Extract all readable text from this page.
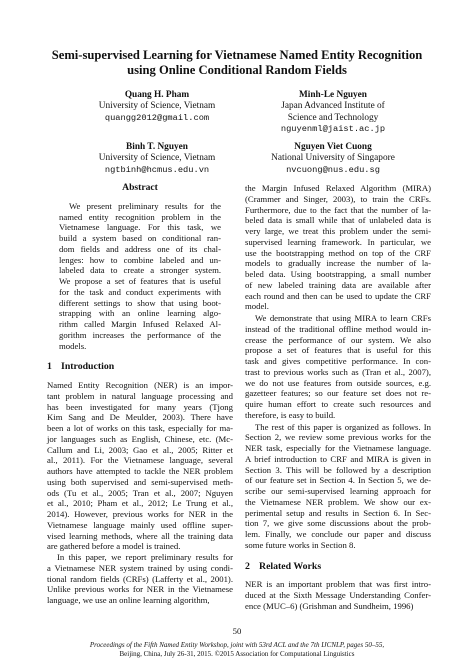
Semi-supervised Learning for Vietnamese Named Entity Recognition
using Online Conditional Random Fields
Quang H. Pham
University of Science, Vietnam
quangg2012@gmail.com
Minh-Le Nguyen
Japan Advanced Institute of
Science and Technology
nguyenml@jaist.ac.jp
Binh T. Nguyen
University of Science, Vietnam
ngtbinh@hcmus.edu.vn
Nguyen Viet Cuong
National University of Singapore
nvcuong@nus.edu.sg
Abstract
We present preliminary results for the
named entity recognition problem in the
Vietnamese language. For this task, we
build a system based on conditional ran-
dom fields and address one of its chal-
lenges: how to combine labeled and un-
labeled data to create a stronger system.
We propose a set of features that is useful
for the task and conduct experiments with
different settings to show that using boot-
strapping with an online learning algo-
rithm called Margin Infused Relaxed Al-
gorithm increases the performance of the
models.
1 Introduction
Named Entity Recognition (NER) is an impor-
tant problem in natural language processing and
has been investigated for many years (Tjong
Kim Sang and De Meulder, 2003). There have
been a lot of works on this task, especially for ma-
jor languages such as English, Chinese, etc. (Mc-
Callum and Li, 2003; Gao et al., 2005; Ritter et
al., 2011). For the Vietnamese language, several
authors have attempted to tackle the NER problem
using both supervised and semi-supervised meth-
ods (Tu et al., 2005; Tran et al., 2007; Nguyen
et al., 2010; Pham et al., 2012; Le Trung et al.,
2014). However, previous works for NER in the
Vietnamese language mainly used offline super-
vised learning methods, where all the training data
are gathered before a model is trained.
In this paper, we report preliminary results for
a Vietnamese NER system trained by using condi-
tional random fields (CRFs) (Lafferty et al., 2001).
Unlike previous works for NER in the Vietnamese
language, we use an online learning algorithm,
the Margin Infused Relaxed Algorithm (MIRA)
(Crammer and Singer, 2003), to train the CRFs.
Furthermore, due to the fact that the number of la-
beled data is small while that of unlabeled data is
very large, we treat this problem under the semi-
supervised learning framework. In particular, we
use the bootstrapping method on top of the CRF
models to gradually increase the number of la-
beled data. Using bootstrapping, a small number
of new labeled training data are available after
each round and then can be used to update the CRF
model.
We demonstrate that using MIRA to learn CRFs
instead of the traditional offline method would in-
crease the performance of our system. We also
propose a set of features that is useful for this
task and gives competitive performance. In con-
trast to previous works such as (Tran et al., 2007),
we do not use features from outside sources, e.g.
gazetteer features; so our feature set does not re-
quire human effort to create such resources and
therefore, is easy to build.
The rest of this paper is organized as follows. In
Section 2, we review some previous works for the
NER task, especially for the Vietnamese language.
A brief introduction to CRF and MIRA is given in
Section 3. This will be followed by a description
of our feature set in Section 4. In Section 5, we de-
scribe our semi-supervised learning approach for
the Vietnamese NER problem. We show our ex-
perimental setup and results in Section 6. In Sec-
tion 7, we give some discussions about the prob-
lem. Finally, we conclude our paper and discuss
some future works in Section 8.
2 Related Works
NER is an important problem that was first intro-
duced at the Sixth Message Understanding Confer-
ence (MUC–6) (Grishman and Sundheim, 1996)
50
Proceedings of the Fifth Named Entity Workshop, joint with 53rd ACL and the 7th IJCNLP, pages 50–55,
Beijing, China, July 26-31, 2015. ©2015 Association for Computational Linguistics
